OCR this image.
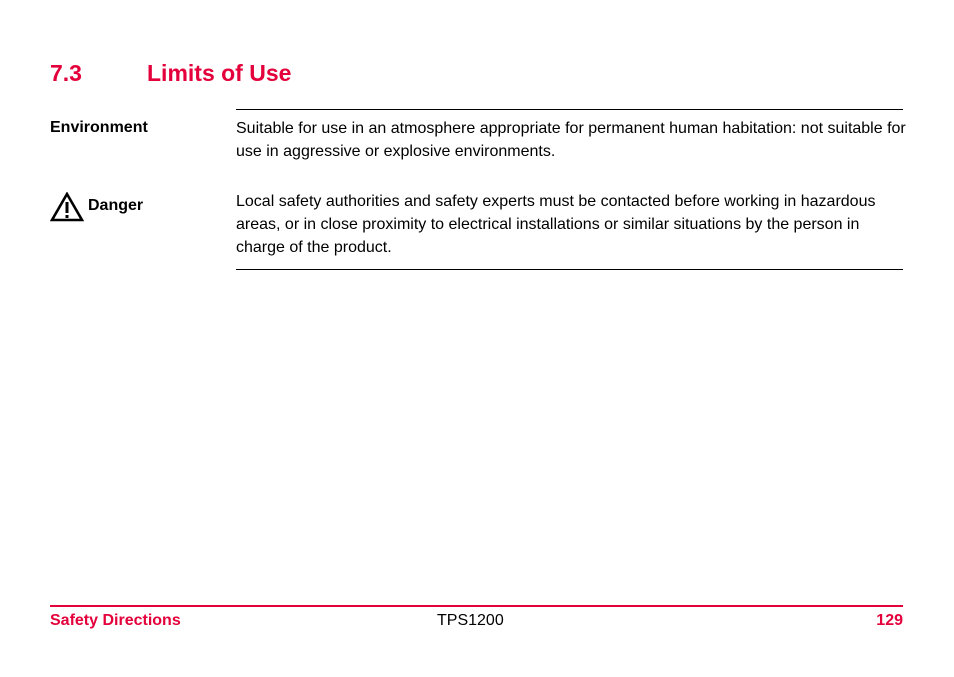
7.3	Limits of Use
Environment	Suitable for use in an atmosphere appropriate for permanent human habitation: not suitable for use in aggressive or explosive environments.

Danger	Local safety authorities and safety experts must be contacted before working in hazardous areas, or in close proximity to electrical installations or similar situations by the person in charge of the product.

Safety Directions	TPS1200	129
